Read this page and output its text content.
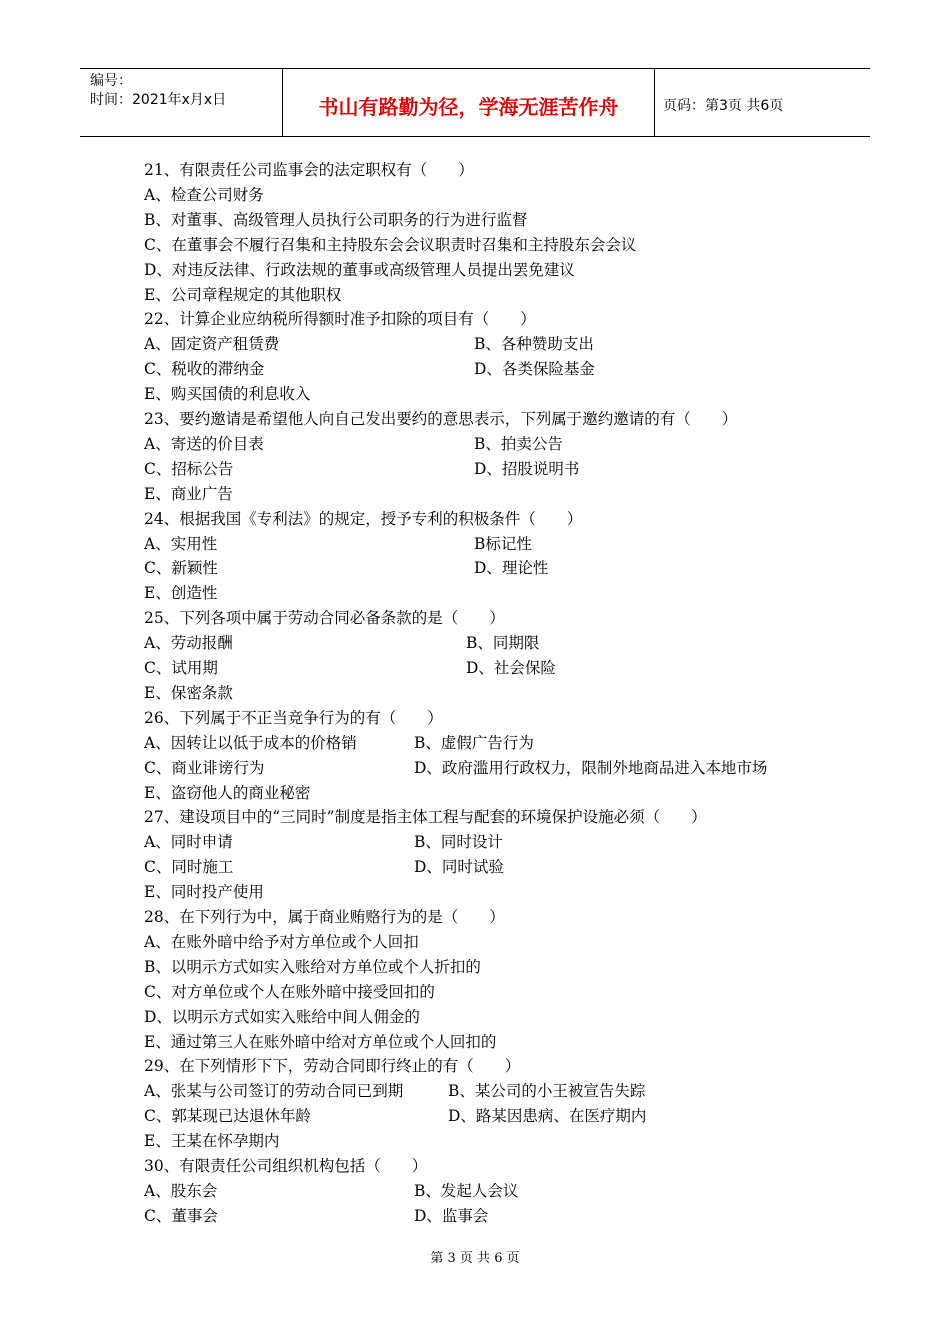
编号：
时间：2021年x月x日	书山有路勤为径，学海无涯苦作舟	页码：第3页 共6页
21、有限责任公司监事会的法定职权有（　　）
A、检查公司财务
B、对董事、高级管理人员执行公司职务的行为进行监督
C、在董事会不履行召集和主持股东会会议职责时召集和主持股东会会议
D、对违反法律、行政法规的董事或高级管理人员提出罢免建议
E、公司章程规定的其他职权
22、计算企业应纳税所得额时准予扣除的项目有（　　）
A、固定资产租赁费	B、各种赞助支出
C、税收的滞纳金	D、各类保险基金
E、购买国债的利息收入
23、要约邀请是希望他人向自己发出要约的意思表示，下列属于邀约邀请的有（　　）
A、寄送的价目表	B、拍卖公告
C、招标公告	D、招股说明书
E、商业广告
24、根据我国《专利法》的规定，授予专利的积极条件（　　）
A、实用性	B标记性
C、新颖性	D、理论性
E、创造性
25、下列各项中属于劳动合同必备条款的是（　　）
A、劳动报酬	B、同期限
C、试用期	D、社会保险
E、保密条款
26、下列属于不正当竞争行为的有（　　）
A、因转让以低于成本的价格销	B、虚假广告行为
C、商业诽谤行为	D、政府滥用行政权力，限制外地商品进入本地市场
E、盗窃他人的商业秘密
27、建设项目中的“三同时”制度是指主体工程与配套的环境保护设施必须（　　）
A、同时申请	B、同时设计
C、同时施工	D、同时试验
E、同时投产使用
28、在下列行为中，属于商业贿赂行为的是（　　）
A、在账外暗中给予对方单位或个人回扣
B、以明示方式如实入账给对方单位或个人折扣的
C、对方单位或个人在账外暗中接受回扣的
D、以明示方式如实入账给中间人佣金的
E、通过第三人在账外暗中给对方单位或个人回扣的
29、在下列情形下下，劳动合同即行终止的有（　　）
A、张某与公司签订的劳动合同已到期	B、某公司的小王被宣告失踪
C、郭某现已达退休年龄	D、路某因患病、在医疗期内
E、王某在怀孕期内
30、有限责任公司组织机构包括（　　）
A、股东会	B、发起人会议
C、董事会	D、监事会
第 3 页 共 6 页
